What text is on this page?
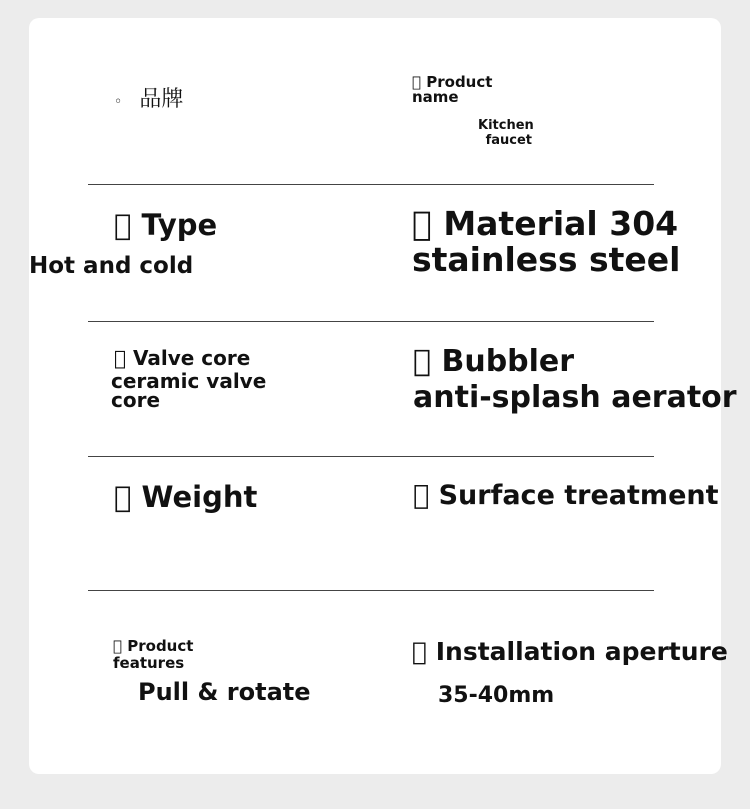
◦ 品牌
Product
name
Kitchen
faucet
Type
Hot and cold
Material 304
stainless steel
Valve core
ceramic valve
core
Bubbler
anti-splash aerator
Weight	Surface treatment
Product
features
Pull & rotate
Installation aperture
35-40mm
